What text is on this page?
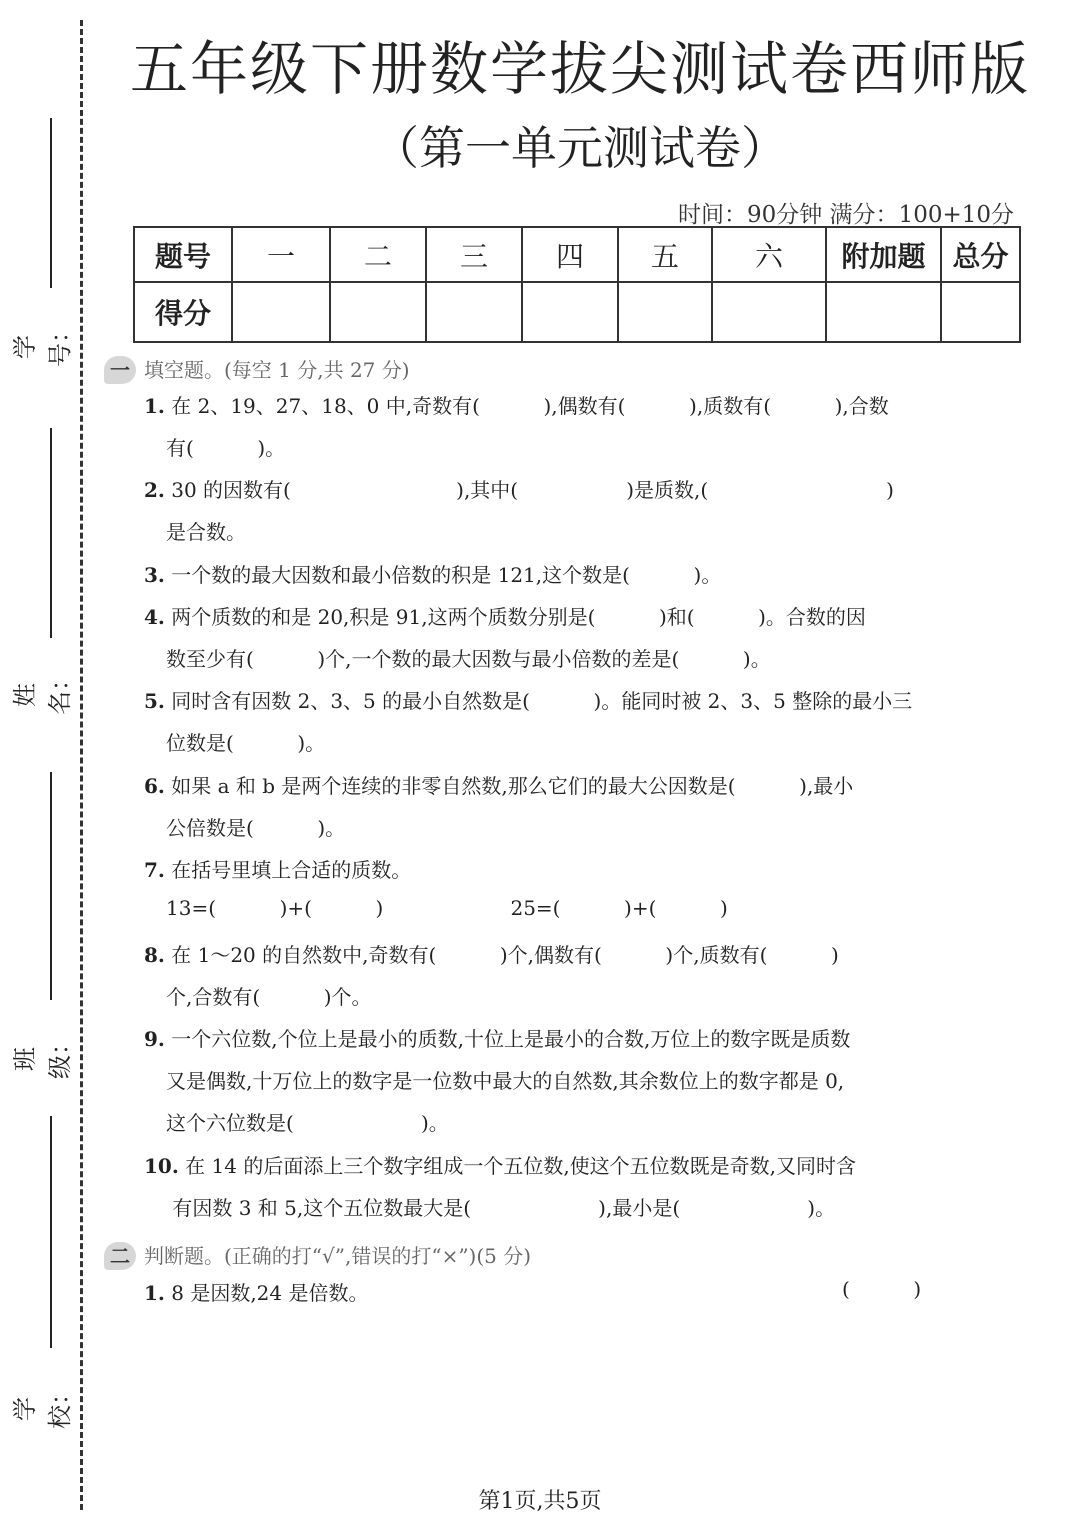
五年级下册数学拔尖测试卷西师版
（第一单元测试卷）
时间：90分钟 满分：100+10分
题号	一	二	三	四	五	六	附加题	总分
得分								
学号：
姓名：
班级：
学校：
一 填空题。(每空 1 分,共 27 分)
1. 在 2、19、27、18、0 中,奇数有(          ),偶数有(          ),质数有(          ),合数
有(          )。
2. 30 的因数有(                          ),其中(                 )是质数,(                            )
是合数。
3. 一个数的最大因数和最小倍数的积是 121,这个数是(          )。
4. 两个质数的和是 20,积是 91,这两个质数分别是(          )和(          )。合数的因
数至少有(          )个,一个数的最大因数与最小倍数的差是(          )。
5. 同时含有因数 2、3、5 的最小自然数是(          )。能同时被 2、3、5 整除的最小三
位数是(          )。
6. 如果 a 和 b 是两个连续的非零自然数,那么它们的最大公因数是(          ),最小
公倍数是(          )。
7. 在括号里填上合适的质数。
13=(          )+(          )                    25=(          )+(          )
8. 在 1～20 的自然数中,奇数有(          )个,偶数有(          )个,质数有(          )
个,合数有(          )个。
9. 一个六位数,个位上是最小的质数,十位上是最小的合数,万位上的数字既是质数
又是偶数,十万位上的数字是一位数中最大的自然数,其余数位上的数字都是 0,
这个六位数是(                    )。
10. 在 14 的后面添上三个数字组成一个五位数,使这个五位数既是奇数,又同时含
有因数 3 和 5,这个五位数最大是(                    ),最小是(                    )。
二 判断题。(正确的打“√”,错误的打“×”)(5 分)
1. 8 是因数,24 是倍数。	(          )
第1页,共5页
